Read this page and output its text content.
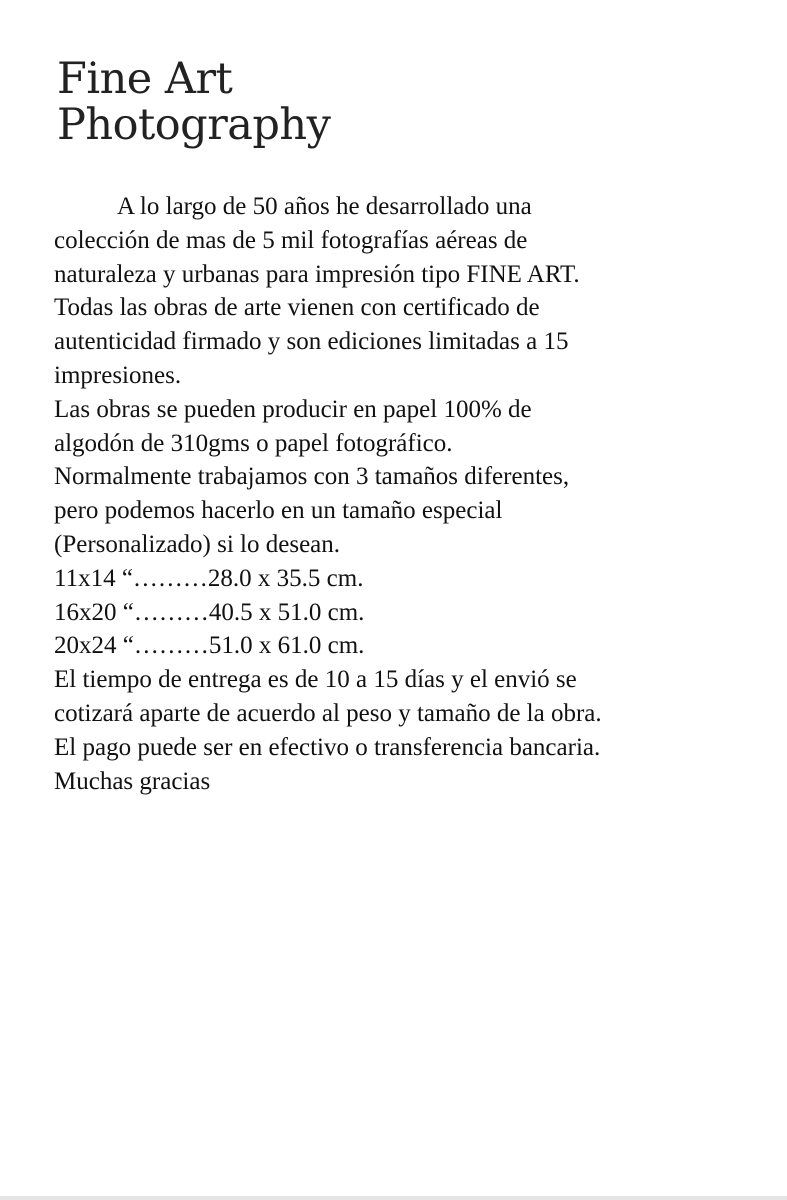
Fine Art
Photography
A lo largo de 50 años he desarrollado una
colección de mas de 5 mil fotografías aéreas de
naturaleza y urbanas para impresión tipo FINE ART.
Todas las obras de arte vienen con certificado de
autenticidad firmado y son ediciones limitadas a 15
impresiones.
Las obras se pueden producir en papel 100% de
algodón de 310gms o papel fotográfico.
Normalmente trabajamos con 3 tamaños diferentes,
pero podemos hacerlo en un tamaño especial
(Personalizado) si lo desean.
11x14 “………28.0 x 35.5 cm.
16x20 “………40.5 x 51.0 cm.
20x24 “………51.0 x 61.0 cm.
El tiempo de entrega es de 10 a 15 días y el envió se
cotizará aparte de acuerdo al peso y tamaño de la obra.
El pago puede ser en efectivo o transferencia bancaria.
Muchas gracias
